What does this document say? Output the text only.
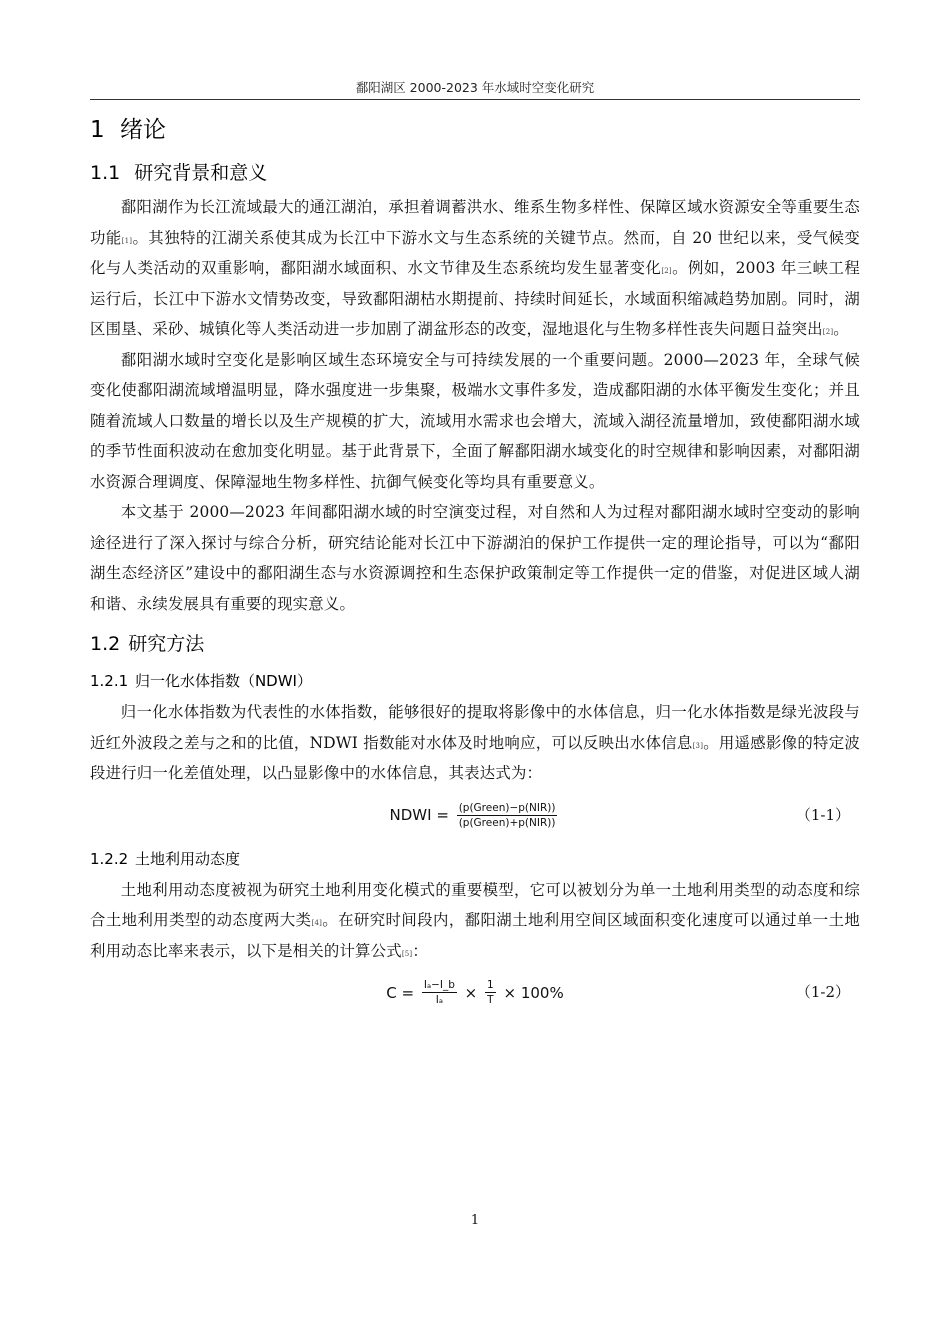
鄱阳湖区 2000-2023 年水域时空变化研究
1 绪论
1.1 研究背景和意义

鄱阳湖作为长江流域最大的通江湖泊，承担着调蓄洪水、维系生物多样性、保障区域水资源安全等重要生态功能[1]。其独特的江湖关系使其成为长江中下游水文与生态系统的关键节点。然而，自 20 世纪以来，受气候变化与人类活动的双重影响，鄱阳湖水域面积、水文节律及生态系统均发生显著变化[2]。例如，2003 年三峡工程运行后，长江中下游水文情势改变，导致鄱阳湖枯水期提前、持续时间延长，水域面积缩减趋势加剧。同时，湖区围垦、采砂、城镇化等人类活动进一步加剧了湖盆形态的改变，湿地退化与生物多样性丧失问题日益突出[2]。

鄱阳湖水域时空变化是影响区域生态环境安全与可持续发展的一个重要问题。2000—2023 年，全球气候变化使鄱阳湖流域增温明显，降水强度进一步集聚，极端水文事件多发，造成鄱阳湖的水体平衡发生变化；并且随着流域人口数量的增长以及生产规模的扩大，流域用水需求也会增大，流域入湖径流量增加，致使鄱阳湖水域的季节性面积波动在愈加变化明显。基于此背景下，全面了解鄱阳湖水域变化的时空规律和影响因素，对鄱阳湖水资源合理调度、保障湿地生物多样性、抗御气候变化等均具有重要意义。

本文基于 2000—2023 年间鄱阳湖水域的时空演变过程，对自然和人为过程对鄱阳湖水域时空变动的影响途径进行了深入探讨与综合分析，研究结论能对长江中下游湖泊的保护工作提供一定的理论指导，可以为“鄱阳湖生态经济区”建设中的鄱阳湖生态与水资源调控和生态保护政策制定等工作提供一定的借鉴，对促进区域人湖和谐、永续发展具有重要的现实意义。

1.2 研究方法
1.2.1 归一化水体指数（NDWI）

归一化水体指数为代表性的水体指数，能够很好的提取将影像中的水体信息，归一化水体指数是绿光波段与近红外波段之差与之和的比值，NDWI 指数能对水体及时地响应，可以反映出水体信息[3]。用遥感影像的特定波段进行归一化差值处理，以凸显影像中的水体信息，其表达式为：

NDWI = $\frac{\text{(p(Green)−p(NIR))}}{\text{(p(Green)+p(NIR))}}$	（1-1）
1.2.2 土地利用动态度

土地利用动态度被视为研究土地利用变化模式的重要模型，它可以被划分为单一土地利用类型的动态度和综合土地利用类型的动态度两大类[4]。在研究时间段内，鄱阳湖土地利用空间区域面积变化速度可以通过单一土地利用动态比率来表示，以下是相关的计算公式[5]：

$C = \frac{\text{Iₐ−I\_b}}{\text{Iₐ}} \times \frac{1}{T} \times 100\%$	（1-2）
1
